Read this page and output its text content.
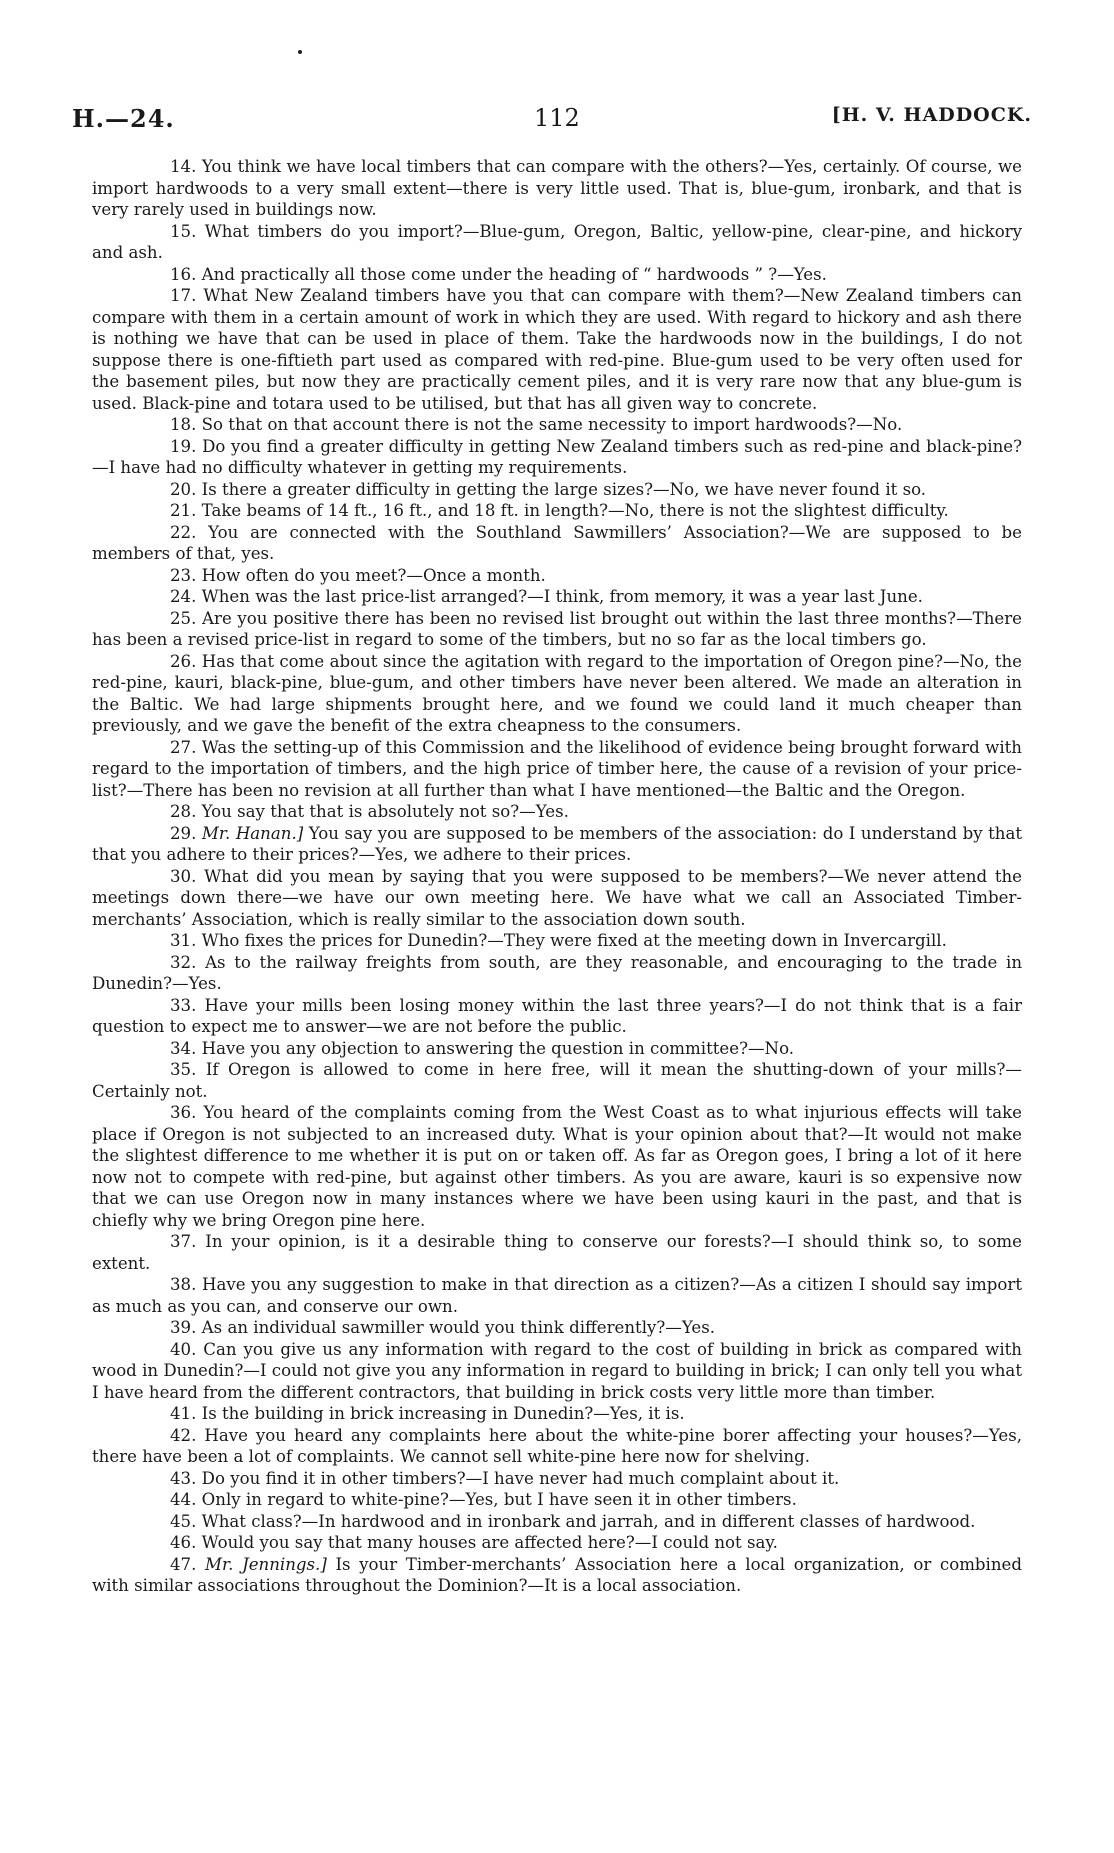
H.—24.	112	[H. V. HADDOCK.

14. You think we have local timbers that can compare with the others?—Yes, certainly. Of course, we import hardwoods to a very small extent—there is very little used. That is, blue-gum, ironbark, and that is very rarely used in buildings now.

15. What timbers do you import?—Blue-gum, Oregon, Baltic, yellow-pine, clear-pine, and hickory and ash.

16. And practically all those come under the heading of “ hardwoods ” ?—Yes.

17. What New Zealand timbers have you that can compare with them?—New Zealand timbers can compare with them in a certain amount of work in which they are used. With regard to hickory and ash there is nothing we have that can be used in place of them. Take the hardwoods now in the buildings, I do not suppose there is one-fiftieth part used as compared with red-pine. Blue-gum used to be very often used for the basement piles, but now they are practically cement piles, and it is very rare now that any blue-gum is used. Black-pine and totara used to be utilised, but that has all given way to concrete.

18. So that on that account there is not the same necessity to import hardwoods?—No.

19. Do you find a greater difficulty in getting New Zealand timbers such as red-pine and black-pine?—I have had no difficulty whatever in getting my requirements.

20. Is there a greater difficulty in getting the large sizes?—No, we have never found it so.

21. Take beams of 14 ft., 16 ft., and 18 ft. in length?—No, there is not the slightest difficulty.

22. You are connected with the Southland Sawmillers’ Association?—We are supposed to be members of that, yes.

23. How often do you meet?—Once a month.

24. When was the last price-list arranged?—I think, from memory, it was a year last June.

25. Are you positive there has been no revised list brought out within the last three months?—There has been a revised price-list in regard to some of the timbers, but no so far as the local timbers go.

26. Has that come about since the agitation with regard to the importation of Oregon pine?—No, the red-pine, kauri, black-pine, blue-gum, and other timbers have never been altered. We made an alteration in the Baltic. We had large shipments brought here, and we found we could land it much cheaper than previously, and we gave the benefit of the extra cheapness to the consumers.

27. Was the setting-up of this Commission and the likelihood of evidence being brought forward with regard to the importation of timbers, and the high price of timber here, the cause of a revision of your price-list?—There has been no revision at all further than what I have mentioned—the Baltic and the Oregon.

28. You say that that is absolutely not so?—Yes.

29. Mr. Hanan.] You say you are supposed to be members of the association: do I understand by that that you adhere to their prices?—Yes, we adhere to their prices.

30. What did you mean by saying that you were supposed to be members?—We never attend the meetings down there—we have our own meeting here. We have what we call an Associated Timber-merchants’ Association, which is really similar to the association down south.

31. Who fixes the prices for Dunedin?—They were fixed at the meeting down in Invercargill.

32. As to the railway freights from south, are they reasonable, and encouraging to the trade in Dunedin?—Yes.

33. Have your mills been losing money within the last three years?—I do not think that is a fair question to expect me to answer—we are not before the public.

34. Have you any objection to answering the question in committee?—No.

35. If Oregon is allowed to come in here free, will it mean the shutting-down of your mills?—Certainly not.

36. You heard of the complaints coming from the West Coast as to what injurious effects will take place if Oregon is not subjected to an increased duty. What is your opinion about that?—It would not make the slightest difference to me whether it is put on or taken off. As far as Oregon goes, I bring a lot of it here now not to compete with red-pine, but against other timbers. As you are aware, kauri is so expensive now that we can use Oregon now in many instances where we have been using kauri in the past, and that is chiefly why we bring Oregon pine here.

37. In your opinion, is it a desirable thing to conserve our forests?—I should think so, to some extent.

38. Have you any suggestion to make in that direction as a citizen?—As a citizen I should say import as much as you can, and conserve our own.

39. As an individual sawmiller would you think differently?—Yes.

40. Can you give us any information with regard to the cost of building in brick as compared with wood in Dunedin?—I could not give you any information in regard to building in brick; I can only tell you what I have heard from the different contractors, that building in brick costs very little more than timber.

41. Is the building in brick increasing in Dunedin?—Yes, it is.

42. Have you heard any complaints here about the white-pine borer affecting your houses?—Yes, there have been a lot of complaints. We cannot sell white-pine here now for shelving.

43. Do you find it in other timbers?—I have never had much complaint about it.

44. Only in regard to white-pine?—Yes, but I have seen it in other timbers.

45. What class?—In hardwood and in ironbark and jarrah, and in different classes of hardwood.

46. Would you say that many houses are affected here?—I could not say.

47. Mr. Jennings.] Is your Timber-merchants’ Association here a local organization, or combined with similar associations throughout the Dominion?—It is a local association.
